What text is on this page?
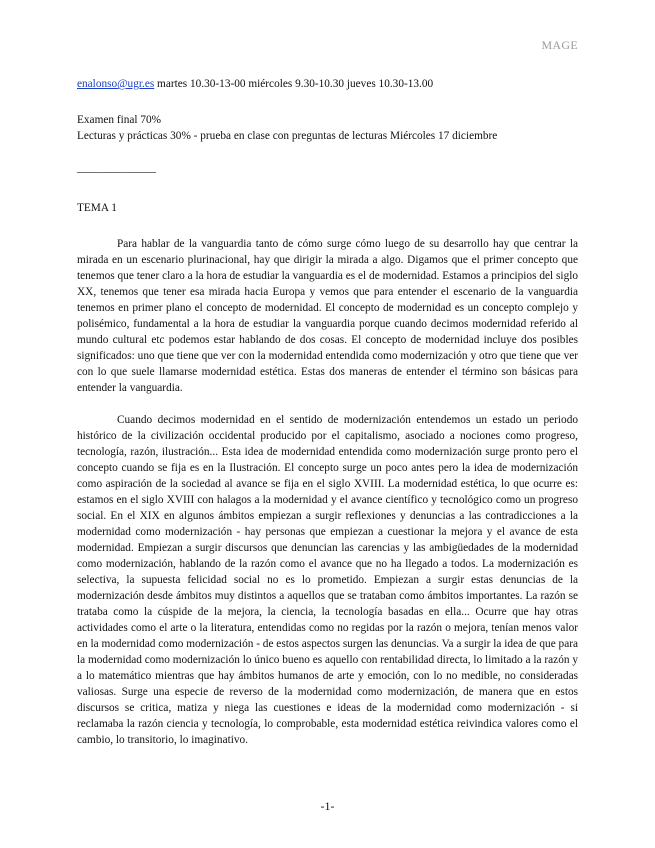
MAGE

enalonso@ugr.es martes 10.30-13-00 miércoles 9.30-10.30 jueves 10.30-13.00

Examen final 70%

Lecturas y prácticas 30% - prueba en clase con preguntas de lecturas Miércoles 17 diciembre

———————

TEMA 1

Para hablar de la vanguardia tanto de cómo surge cómo luego de su desarrollo hay que centrar la mirada en un escenario plurinacional, hay que dirigir la mirada a algo. Digamos que el primer concepto que tenemos que tener claro a la hora de estudiar la vanguardia es el de modernidad. Estamos a principios del siglo XX, tenemos que tener esa mirada hacia Europa y vemos que para entender el escenario de la vanguardia tenemos en primer plano el concepto de modernidad. El concepto de modernidad es un concepto complejo y polisémico, fundamental a la hora de estudiar la vanguardia porque cuando decimos modernidad referido al mundo cultural etc podemos estar hablando de dos cosas. El concepto de modernidad incluye dos posibles significados: uno que tiene que ver con la modernidad entendida como modernización y otro que tiene que ver con lo que suele llamarse modernidad estética. Estas dos maneras de entender el término son básicas para entender la vanguardia.

Cuando decimos modernidad en el sentido de modernización entendemos un estado un periodo histórico de la civilización occidental producido por el capitalismo, asociado a nociones como progreso, tecnología, razón, ilustración... Esta idea de modernidad entendida como modernización surge pronto pero el concepto cuando se fija es en la Ilustración. El concepto surge un poco antes pero la idea de modernización como aspiración de la sociedad al avance se fija en el siglo XVIII. La modernidad estética, lo que ocurre es: estamos en el siglo XVIII con halagos a la modernidad y el avance científico y tecnológico como un progreso social. En el XIX en algunos ámbitos empiezan a surgir reflexiones y denuncias a las contradicciones a la modernidad como modernización - hay personas que empiezan a cuestionar la mejora y el avance de esta modernidad. Empiezan a surgir discursos que denuncian las carencias y las ambigüedades de la modernidad como modernización, hablando de la razón como el avance que no ha llegado a todos. La modernización es selectiva, la supuesta felicidad social no es lo prometido. Empiezan a surgir estas denuncias de la modernización desde ámbitos muy distintos a aquellos que se trataban como ámbitos importantes. La razón se trataba como la cúspide de la mejora, la ciencia, la tecnología basadas en ella... Ocurre que hay otras actividades como el arte o la literatura, entendidas como no regidas por la razón o mejora, tenían menos valor en la modernidad como modernización - de estos aspectos surgen las denuncias. Va a surgir la idea de que para la modernidad como modernización lo único bueno es aquello con rentabilidad directa, lo limitado a la razón y a lo matemático mientras que hay ámbitos humanos de arte y emoción, con lo no medible, no consideradas valiosas. Surge una especie de reverso de la modernidad como modernización, de manera que en estos discursos se critica, matiza y niega las cuestiones e ideas de la modernidad como modernización - si reclamaba la razón ciencia y tecnología, lo comprobable, esta modernidad estética reivindica valores como el cambio, lo transitorio, lo imaginativo.

-1-
